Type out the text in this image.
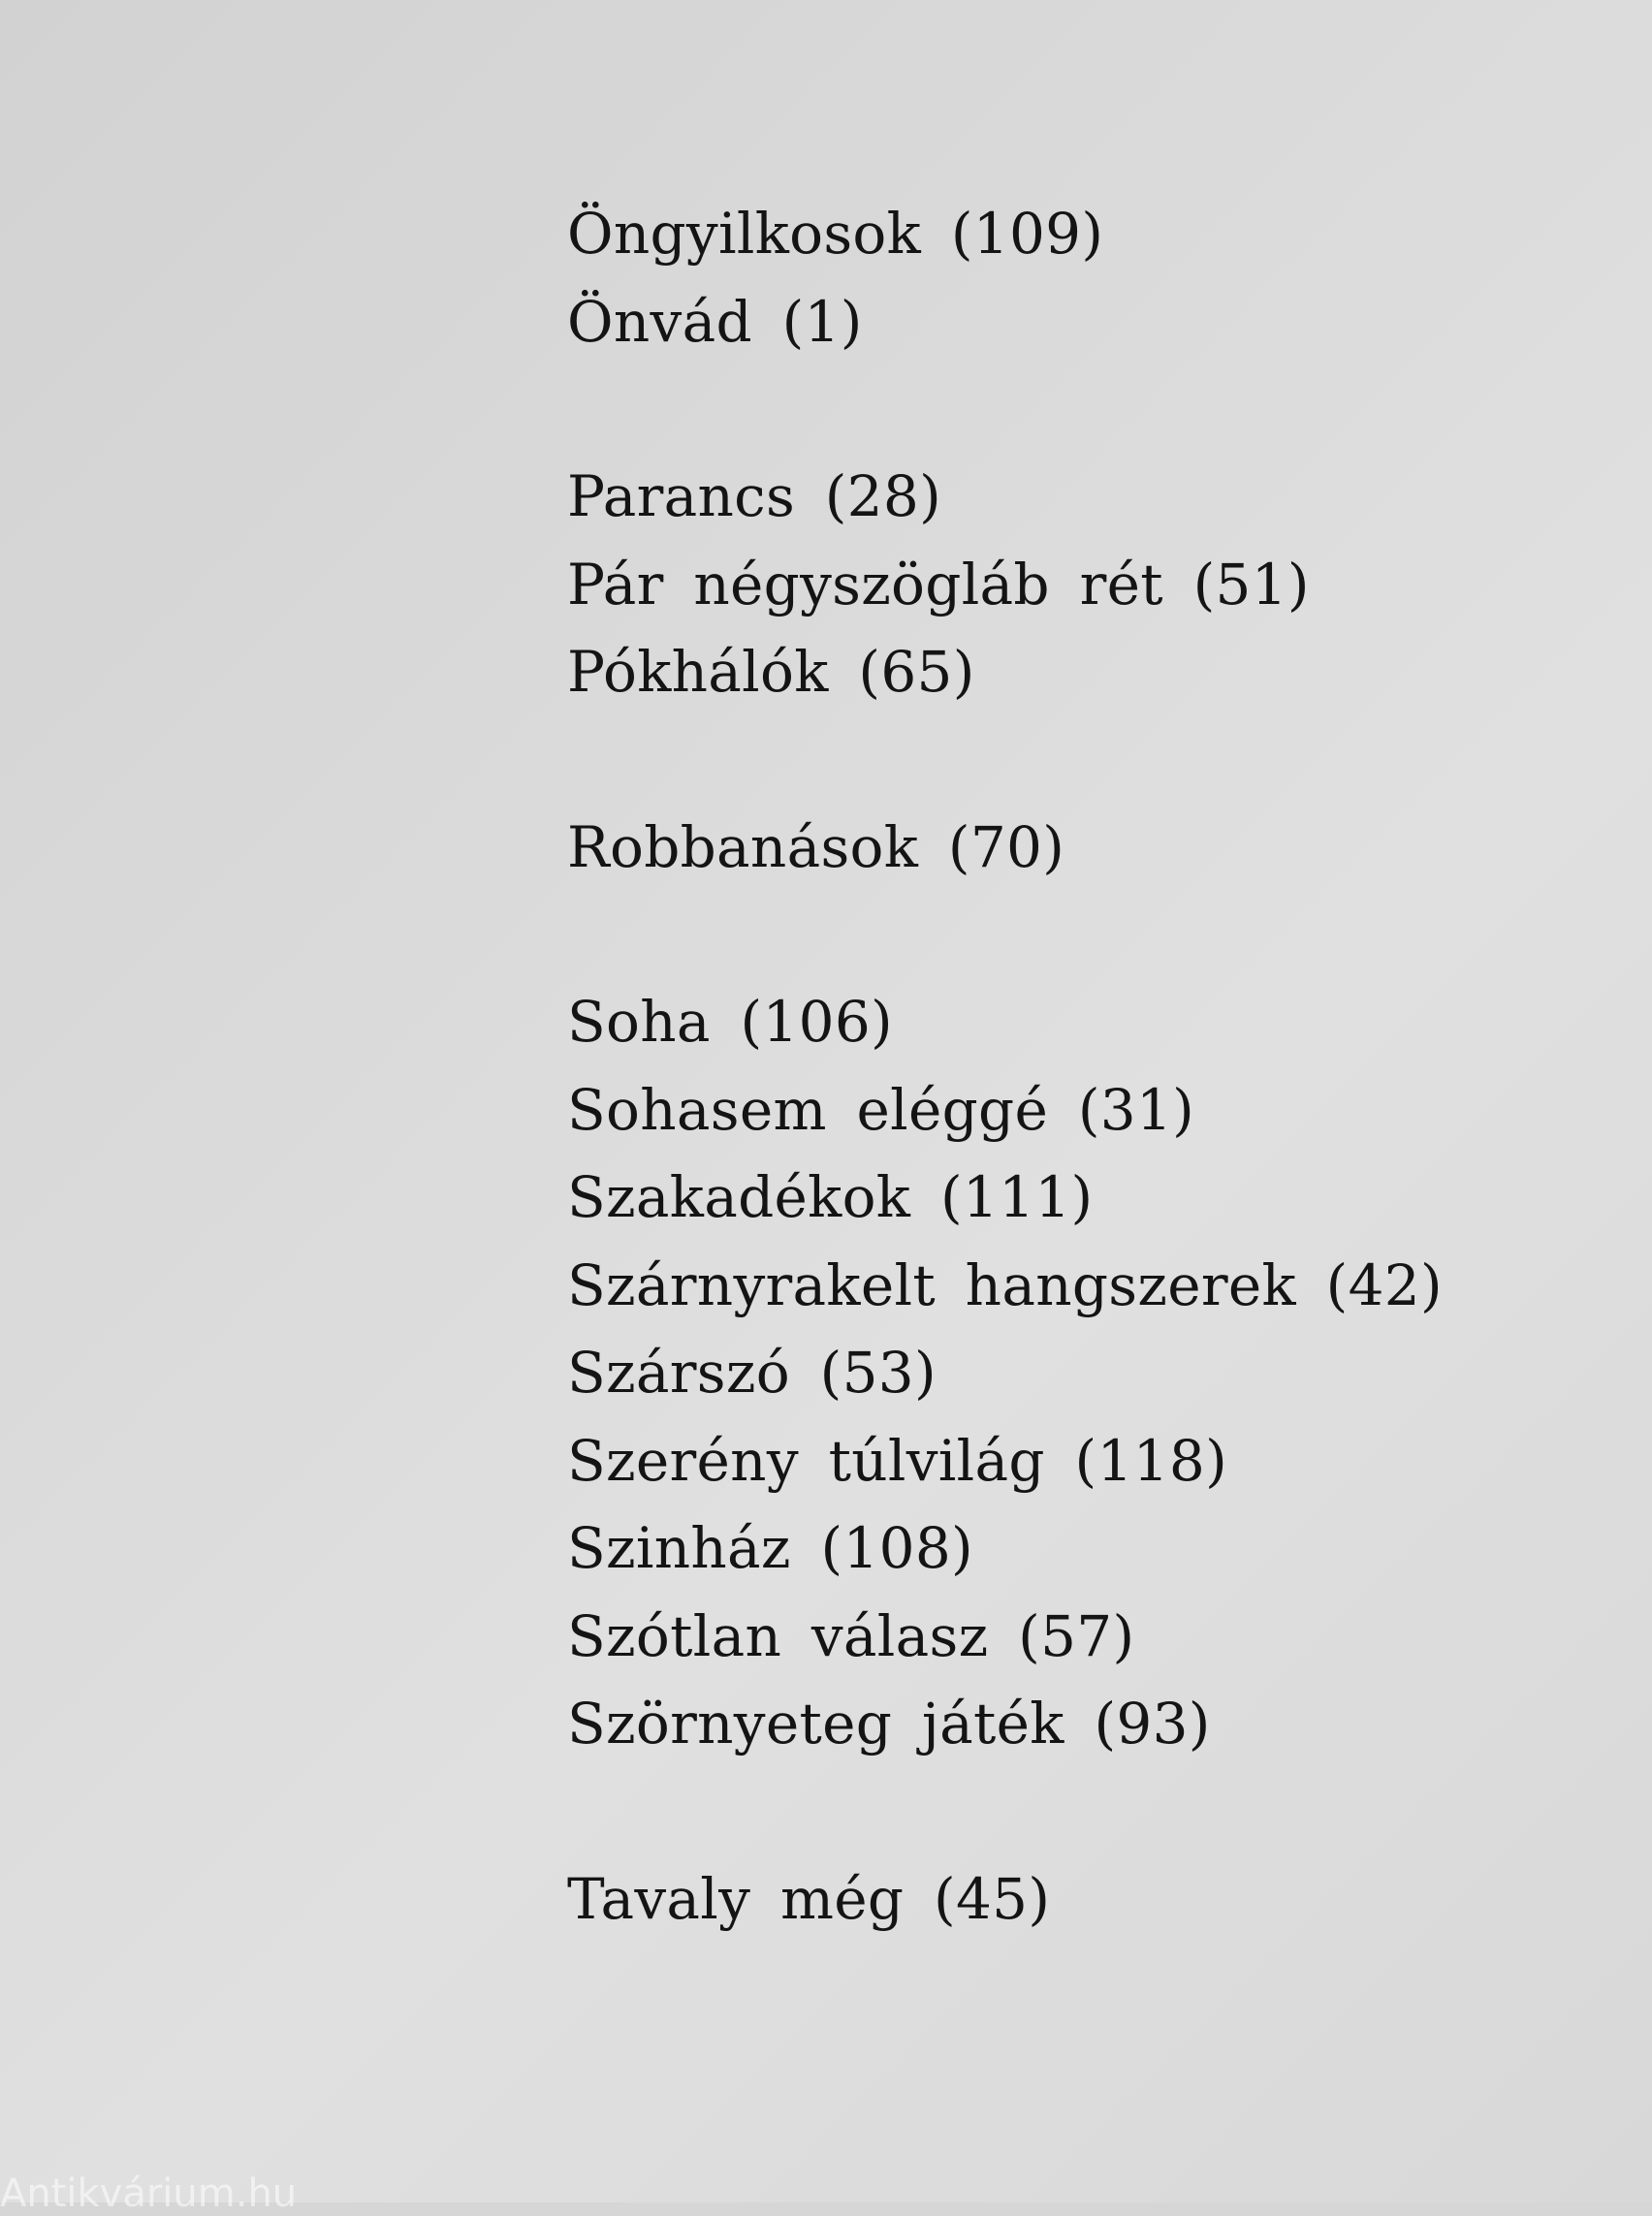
Öngyilkosok (109)
Önvád (1)
Parancs (28)
Pár négyszögláb rét (51)
Pókhálók (65)
Robbanások (70)
Soha (106)
Sohasem eléggé (31)
Szakadékok (111)
Szárnyrakelt hangszerek (42)
Szárszó (53)
Szerény túlvilág (118)
Szinház (108)
Szótlan válasz (57)
Szörnyeteg játék (93)
Tavaly még (45)
Antikvárium.hu
